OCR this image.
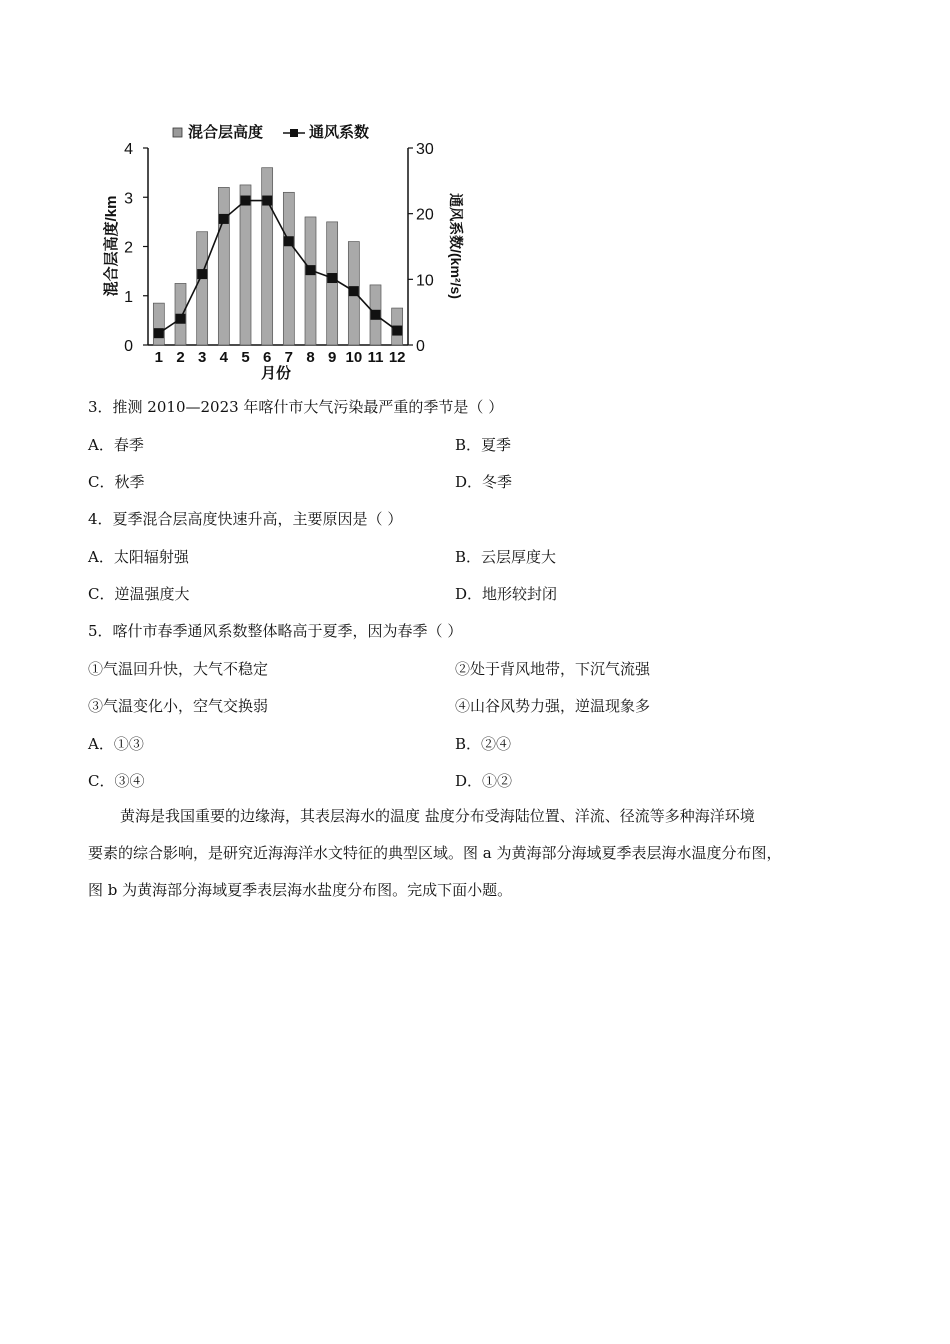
混合层高度	通风系数
0
1
2
3
4
0
10
20
30
1 2 3 4 5 6 7 8 9 10 11 12
混合层高度/km	通风系数/(km²/s)
月份
3．推测 2010—2023 年喀什市大气污染最严重的季节是（ ）
A．春季	B．夏季
C．秋季	D．冬季
4．夏季混合层高度快速升高，主要原因是（ ）
A．太阳辐射强	B．云层厚度大
C．逆温强度大	D．地形较封闭
5．喀什市春季通风系数整体略高于夏季，因为春季（ ）
①气温回升快，大气不稳定	②处于背风地带，下沉气流强
③气温变化小，空气交换弱	④山谷风势力强，逆温现象多
A．①③	B．②④
C．③④	D．①②
黄海是我国重要的边缘海，其表层海水的温度 盐度分布受海陆位置、洋流、径流等多种海洋环境
要素的综合影响，是研究近海海洋水文特征的典型区域。图 a 为黄海部分海域夏季表层海水温度分布图，
图 b 为黄海部分海域夏季表层海水盐度分布图。完成下面小题。
